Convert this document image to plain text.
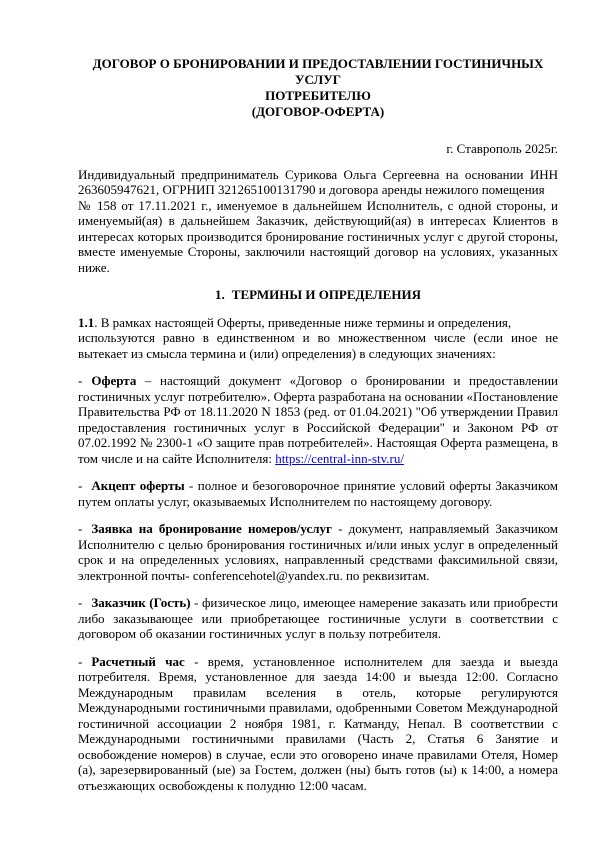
ДОГОВОР О БРОНИРОВАНИИ И ПРЕДОСТАВЛЕНИИ ГОСТИНИЧНЫХ УСЛУГ
ПОТРЕБИТЕЛЮ
(ДОГОВОР-ОФЕРТА)
г. Ставрополь 2025г.
Индивидуальный предприниматель Сурикова Ольга Сергеевна на основании ИНН 263605947621, ОГРНИП 321265100131790 и договора аренды нежилого помещения
№ 158 от 17.11.2021 г., именуемое в дальнейшем Исполнитель, с одной стороны, и именуемый(ая) в дальнейшем Заказчик, действующий(ая) в интересах Клиентов в интересах которых производится бронирование гостиничных услуг с другой стороны, вместе именуемые Стороны, заключили настоящий договор на условиях, указанных ниже.
1. ТЕРМИНЫ И ОПРЕДЕЛЕНИЯ
1.1. В рамках настоящей Оферты, приведенные ниже термины и определения,
используются равно в единственном и во множественном числе (если иное не вытекает из смысла термина и (или) определения) в следующих значениях:
- Оферта – настоящий документ «Договор о бронировании и предоставлении гостиничных услуг потребителю». Оферта разработана на основании «Постановление Правительства РФ от 18.11.2020 N 1853 (ред. от 01.04.2021) "Об утверждении Правил предоставления гостиничных услуг в Российской Федерации" и Законом РФ от 07.02.1992 № 2300-1 «О защите прав потребителей». Настоящая Оферта размещена, в том числе и на сайте Исполнителя: https://central-inn-stv.ru/
- Акцепт оферты - полное и безоговорочное принятие условий оферты Заказчиком путем оплаты услуг, оказываемых Исполнителем по настоящему договору.
- Заявка на бронирование номеров/услуг - документ, направляемый Заказчиком Исполнителю с целью бронирования гостиничных и/или иных услуг в определенный срок и на определенных условиях, направленный средствами факсимильной связи, электронной почты- conferencehotel@yandex.ru. по реквизитам.
- Заказчик (Гость) - физическое лицо, имеющее намерение заказать или приобрести либо заказывающее или приобретающее гостиничные услуги в соответствии с договором об оказании гостиничных услуг в пользу потребителя.
- Расчетный час - время, установленное исполнителем для заезда и выезда потребителя. Время, установленное для заезда 14:00 и выезда 12:00. Согласно Международным правилам вселения в отель, которые регулируются Международными гостиничными правилами, одобренными Советом Международной гостиничной ассоциации 2 ноября 1981, г. Катманду, Непал. В соответствии с Международными гостиничными правилами (Часть 2, Статья 6 Занятие и освобождение номеров) в случае, если это оговорено иначе правилами Отеля, Номер (а), зарезервированный (ые) за Гостем, должен (ны) быть готов (ы) к 14:00, а номера отъезжающих освобождены к полудню 12:00 часам.
